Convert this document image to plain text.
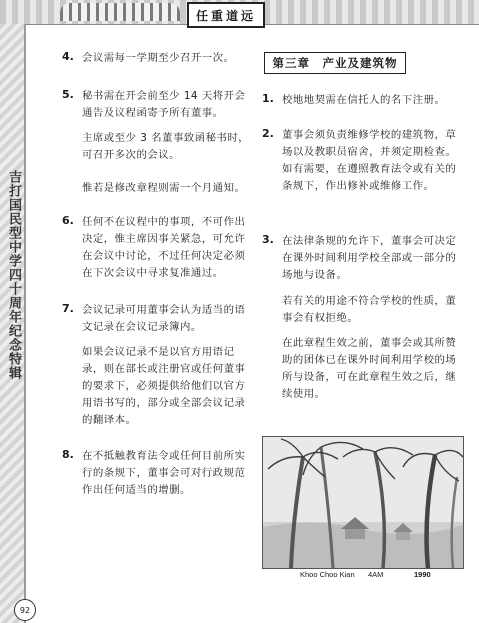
任重道远
吉打国民型中学四十周年纪念特辑
4. 会议需每一学期至少召开一次。
5. 秘书需在开会前至少 14 天将开会通告及议程函寄予所有董事。
主席或至少 3 名董事致函秘书时，可召开多次的会议。
惟若是修改章程则需一个月通知。
6. 任何不在议程中的事项，不可作出决定，惟主席因事关紧急，可允许在会议中讨论，不过任何决定必须在下次会议中寻求复准通过。
7. 会议记录可用董事会认为适当的语文记录在会议记录簿内。
如果会议记录不是以官方用语记录，则在部长或注册官或任何董事的要求下，必须提供给他们以官方用语书写的，部分或全部会议记录的翻译本。
8. 在不抵触教育法令或任何目前所实行的条规下，董事会可对行政规范作出任何适当的增删。
第三章　产业及建筑物
1. 校地地契需在信托人的名下注册。
2. 董事会须负责维修学校的建筑物，草场以及教职员宿舍，并须定期检查。如有需要，在遵照教育法令或有关的条规下，作出修补或维修工作。
3. 在法律条规的允许下，董事会可决定在课外时间利用学校全部或一部分的场地与设备。
若有关的用途不符合学校的性质，董事会有权拒绝。
在此章程生效之前，董事会或其所赞助的团体已在课外时间利用学校的场所与设备，可在此章程生效之后，继续使用。
Khoo Choo Kian 4AM	1990
92
